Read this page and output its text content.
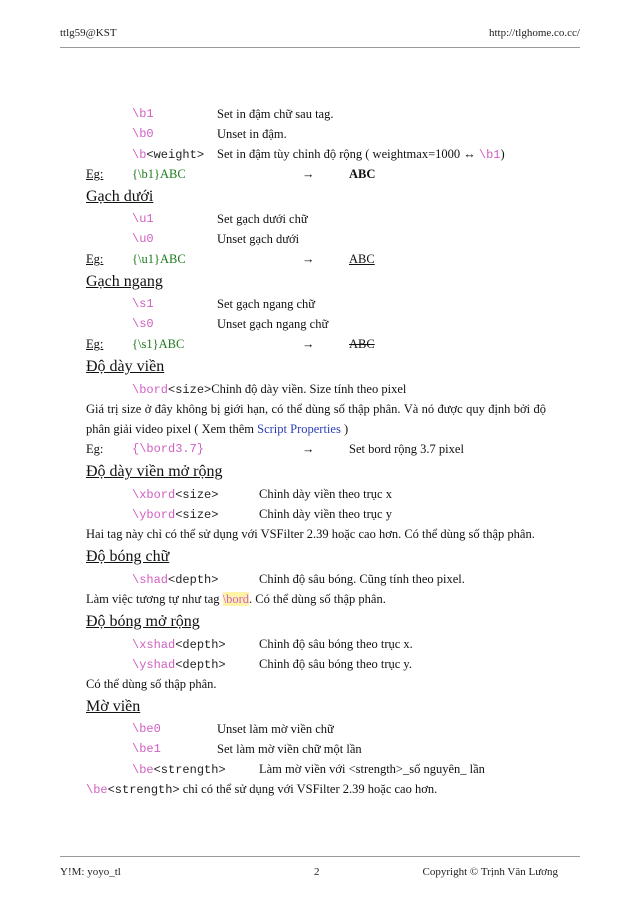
ttlg59@KST	http://tlghome.co.cc/
\b1	Set in đậm chữ sau tag.
\b0	Unset in đậm.
\b<weight> Set in đậm tùy chỉnh độ rộng ( weightmax=1000 ↔ \b1)
Eg: {\b1}ABC	→	ABC
Gạch dưới
\u1	Set gạch dưới chữ
\u0	Unset gạch dưới
Eg: {\u1}ABC	→	ABC
Gạch ngang
\s1	Set gạch ngang chữ
\s0	Unset gạch ngang chữ
Eg: {\s1}ABC	→	ABC
Độ dày viền
\bord<size>Chỉnh độ dày viền. Size tính theo pixel
Giá trị size ở đây không bị giới hạn, có thể dùng số thập phân. Và nó được quy định bởi độ phân giải video pixel ( Xem thêm Script Properties )
Eg: {\bord3.7}	→	Set bord rộng 3.7 pixel
Độ dày viền mở rộng
\xbord<size>	Chỉnh dày viền theo trục x
\ybord<size>	Chỉnh dày viền theo trục y
Hai tag này chỉ có thể sử dụng với VSFilter 2.39 hoặc cao hơn. Có thể dùng số thập phân.
Độ bóng chữ
\shad<depth>	Chỉnh độ sâu bóng. Cũng tính theo pixel.
Làm việc tương tự như tag \bord. Có thể dùng số thập phân.
Độ bóng mở rộng
\xshad<depth>	Chỉnh độ sâu bóng theo trục x.
\yshad<depth>	Chỉnh độ sâu bóng theo trục y.
Có thể dùng số thập phân.
Mờ viền
\be0	Unset làm mờ viền chữ
\be1	Set làm mờ viền chữ một lần
\be<strength>	Làm mờ viền với <strength>_số nguyên_ lần
\be<strength> chỉ có thể sử dụng với VSFilter 2.39 hoặc cao hơn.
Y!M: yoyo_tl	2	Copyright © Trịnh Văn Lương
